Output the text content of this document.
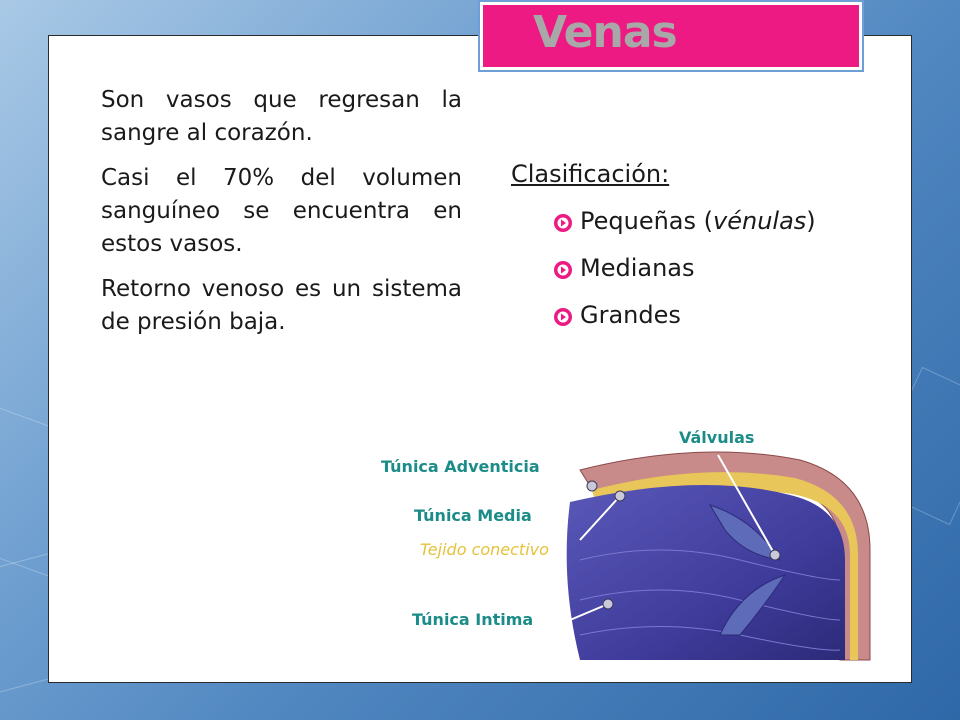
Venas

Son vasos que regresan la sangre al corazón.

Casi el 70% del volumen sanguíneo se encuentra en estos vasos.

Retorno venoso es un sistema de presión baja.

Clasificación:
Pequeñas (vénulas)
Medianas
Grandes
Válvulas
Túnica Adventicia
Túnica Media
Tejido conectivo
Túnica Intima
